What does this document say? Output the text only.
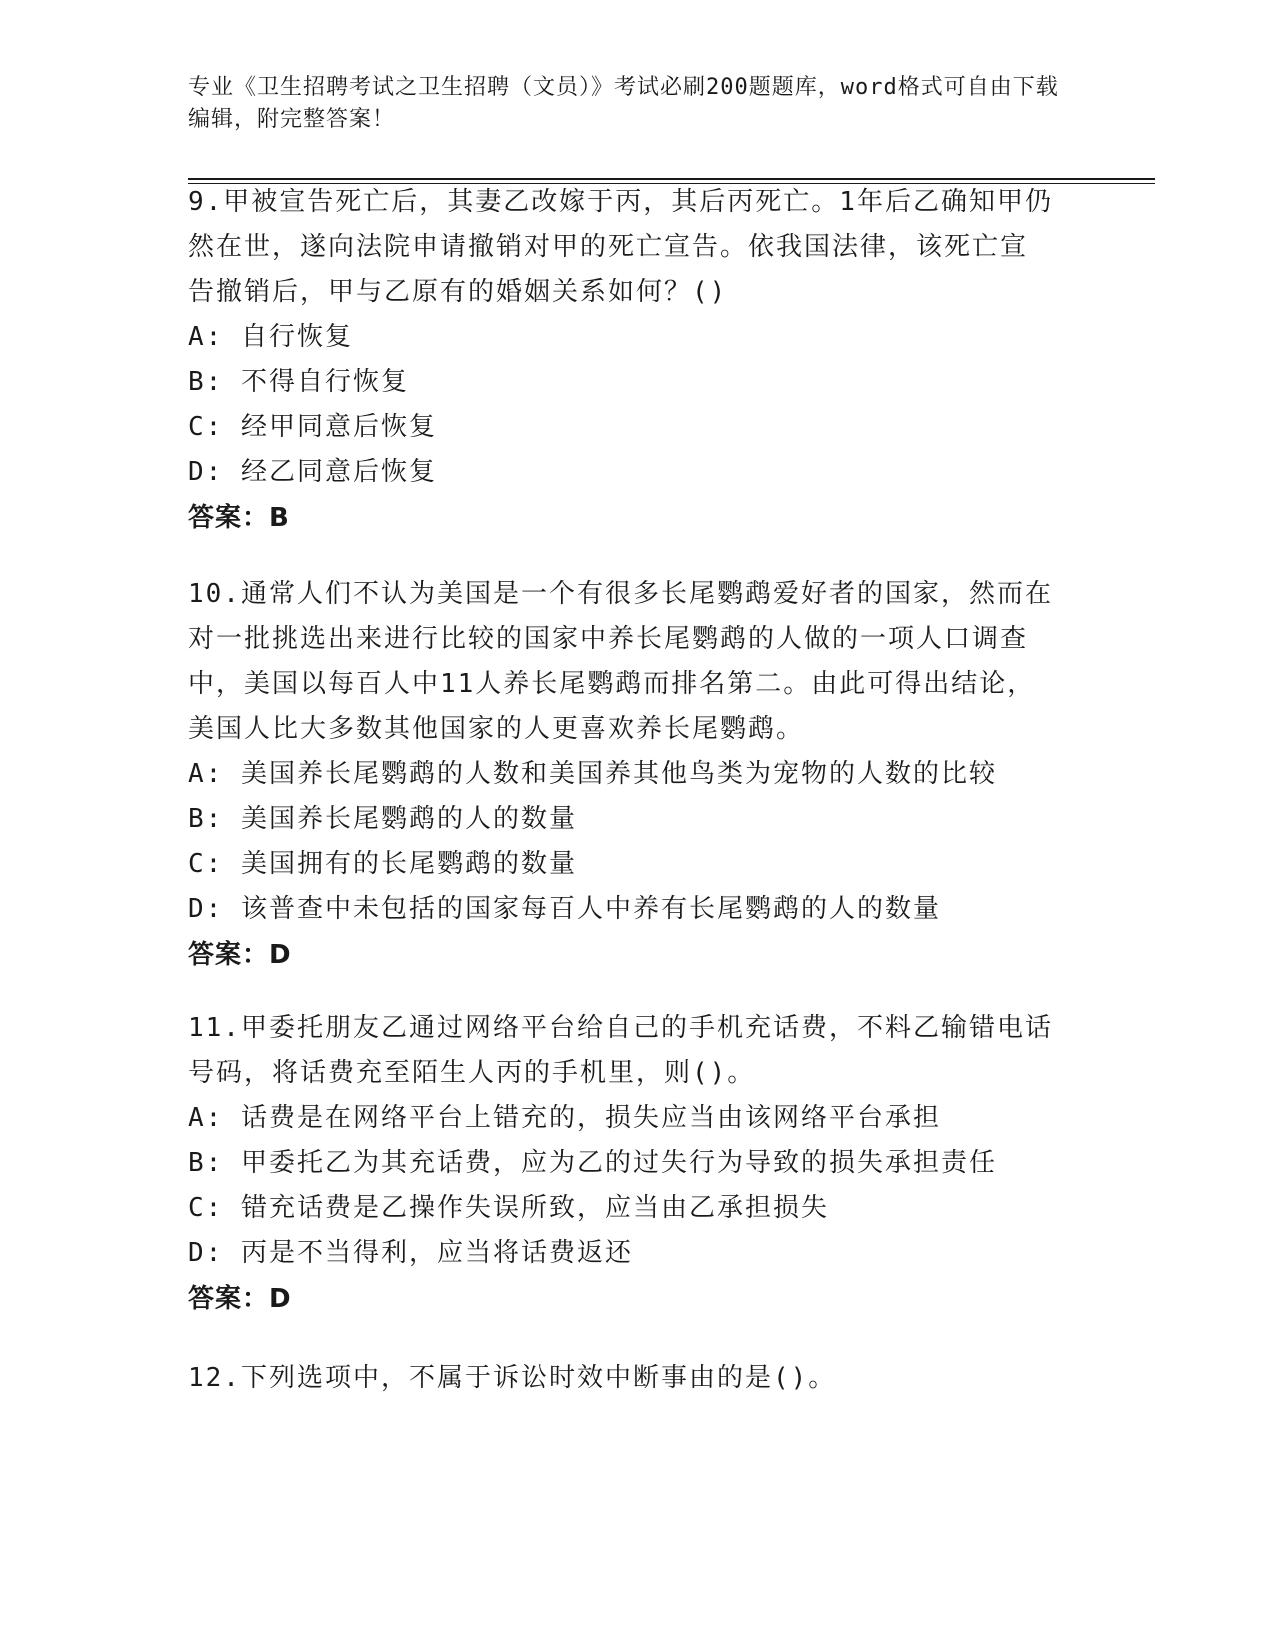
专业《卫生招聘考试之卫生招聘（文员）》考试必刷200题题库，word格式可自由下载编辑，附完整答案！
9.甲被宣告死亡后，其妻乙改嫁于丙，其后丙死亡。1年后乙确知甲仍
然在世，遂向法院申请撤销对甲的死亡宣告。依我国法律，该死亡宣
告撤销后，甲与乙原有的婚姻关系如何？()
A: 自行恢复
B: 不得自行恢复
C: 经甲同意后恢复
D: 经乙同意后恢复
答案：B
10.通常人们不认为美国是一个有很多长尾鹦鹉爱好者的国家，然而在
对一批挑选出来进行比较的国家中养长尾鹦鹉的人做的一项人口调查
中，美国以每百人中11人养长尾鹦鹉而排名第二。由此可得出结论，
美国人比大多数其他国家的人更喜欢养长尾鹦鹉。
A: 美国养长尾鹦鹉的人数和美国养其他鸟类为宠物的人数的比较
B: 美国养长尾鹦鹉的人的数量
C: 美国拥有的长尾鹦鹉的数量
D: 该普查中未包括的国家每百人中养有长尾鹦鹉的人的数量
答案：D
11.甲委托朋友乙通过网络平台给自己的手机充话费，不料乙输错电话
号码，将话费充至陌生人丙的手机里，则()。
A: 话费是在网络平台上错充的，损失应当由该网络平台承担
B: 甲委托乙为其充话费，应为乙的过失行为导致的损失承担责任
C: 错充话费是乙操作失误所致，应当由乙承担损失
D: 丙是不当得利，应当将话费返还
答案：D
12.下列选项中，不属于诉讼时效中断事由的是()。
